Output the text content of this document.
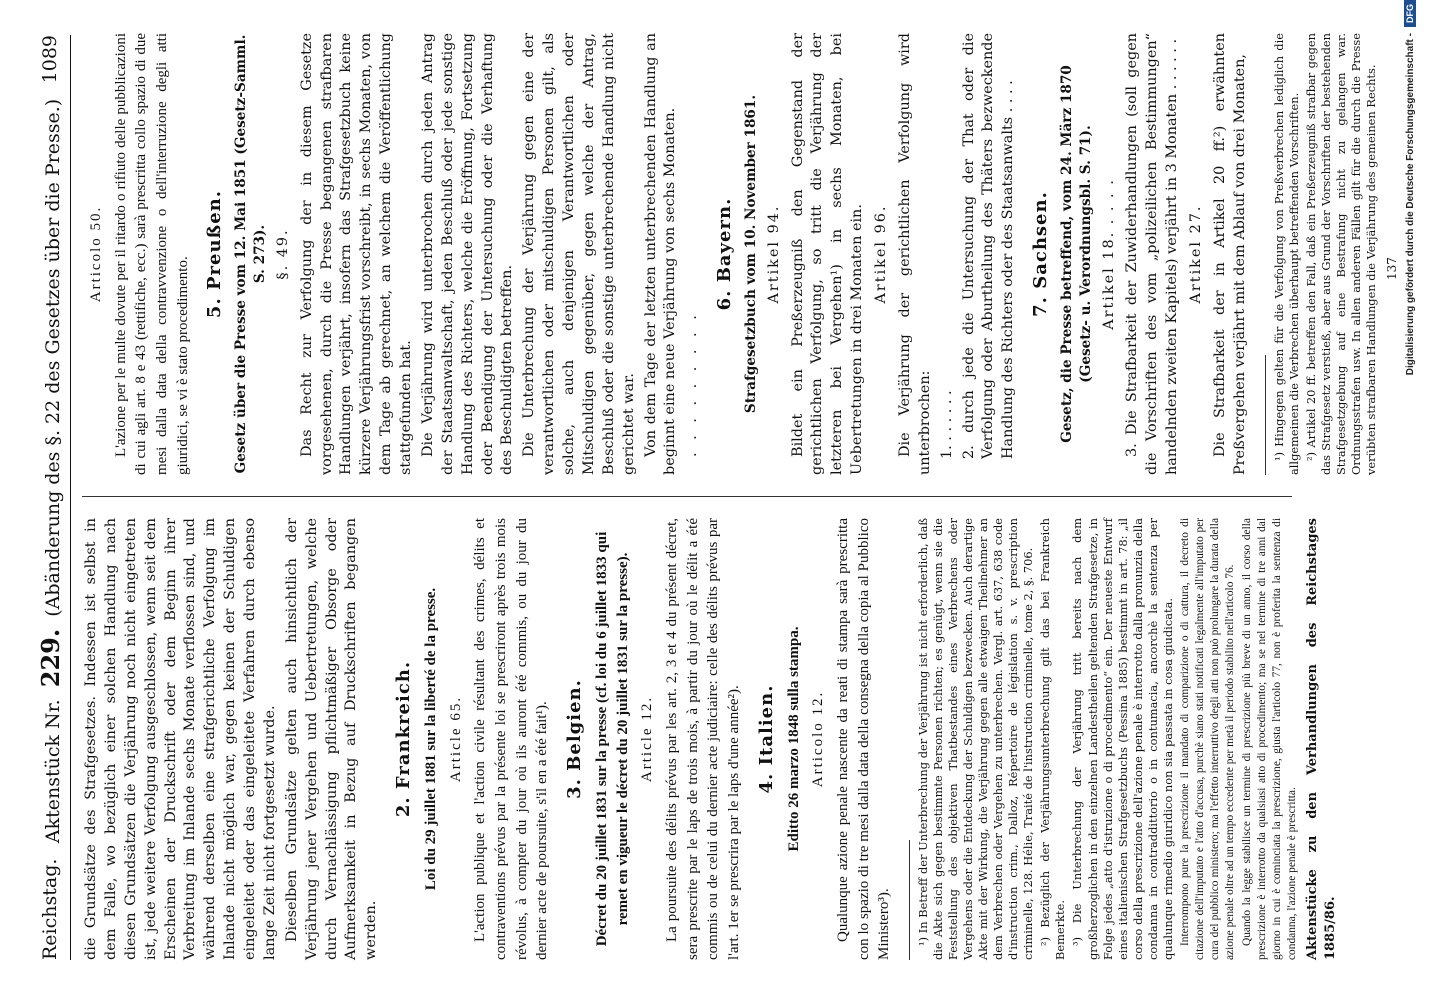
Reichstag.
Aktenstück Nr. 229. (Abänderung des §. 22 des Gesetzes über die Presse.)
1089

die Grundsätze des Strafgesetzes. Indessen ist selbst in dem Falle, wo bezüglich einer solchen Handlung nach diesen Grundsätzen die Verjährung noch nicht eingetreten ist, jede weitere Verfolgung ausgeschlossen, wenn seit dem Erscheinen der Druckschrift oder dem Beginn ihrer Verbreitung im Inlande sechs Monate verflossen sind, und während derselben eine strafgerichtliche Verfolgung im Inlande nicht möglich war, gegen keinen der Schuldigen eingeleitet oder das eingeleitete Verfahren durch ebenso lange Zeit nicht fortgesetzt wurde. Dieselben Grundsätze gelten auch hinsichtlich der Verjährung jener Vergehen und Uebertretungen, welche durch Vernachlässigung pflichtmäßiger Obsorge oder Aufmerksamkeit in Bezug auf Druckschriften begangen werden.

2. Frankreich. Loi du 29 juillet 1881 sur la liberté de la presse. Article 65. L'action publique et l'action civile résultant des crimes, délits et contraventions prévus par la présente loi se prescriront après trois mois révolus, à compter du jour où ils auront été commis, ou du jour du dernier acte de poursuite, s'il en a été fait¹). 3. Belgien. Décret du 20 juillet 1831 sur la presse (cf. loi du 6 juillet 1833 qui remet en vigueur le décret du 20 juillet 1831 sur la presse). Article 12. La poursuite des délits prévus par les art. 2, 3 et 4 du présent décret, sera prescrite par le laps de trois mois, à partir du jour où le délit a été commis ou de celui du dernier acte judiciaire: celle des délits prévus par l'art. 1er se prescrira par le laps d'une année²). 4. Italien. Editto 26 marzo 1848 sulla stampa. Articolo 12. Qualunque azione penale nascente da reati di stampa sarà prescritta con lo spazio di tre mesi dalla data della consegna della copia al Pubblico Ministero³). ¹) In Betreff der Unterbrechung der Verjährung ist nicht erforderlich, daß die Akte sich gegen bestimmte Personen richten; es genügt, wenn sie die Feststellung des objektiven Thatbestandes eines Verbrechens oder Vergehens oder die Entdeckung der Schuldigen bezwecken. Auch derartige Akte mit der Wirkung, die Verjährung gegen alle etwaigen Theilnehmer an dem Verbrechen oder Vergehen zu unterbrechen. Vergl. art. 637, 638 code d'instruction crim., Dalloz, Répertoire de législation s. v. prescription criminelle, 128. Hélie, Traité de l'instruction criminelle, tome 2, §. 706. ²) Bezüglich der Verjährungsunterbrechung gilt das bei Frankreich Bemerkte. ³) Die Unterbrechung der Verjährung tritt bereits nach dem großherzoglichen in den einzelnen Landestheilen geltenden Strafgesetze, in Folge jedes „atto d'istruzione o di procedimento“ ein. Der neueste Entwurf eines italienischen Strafgesetzbuchs (Pessina 1885) bestimmt in art. 78: „il corso della prescrizione dell'azione penale è interrotto dalla pronunzia della condanna in contraddittorio o in contumacia, ancorchè la sentenza per qualunque rimedio giuridico non sia passata in cosa giudicata. Interrompono pure la prescrizione il mandato di comparizione o di cattura, il decreto di citazione dell'imputato e l'atto d'accusa, purchè siano stati notificati legalmente all'imputato per cura del pubblico ministero; ma l'effetto interruttivo degli atti non può prolungare la durata della azione penale oltre ad un tempo eccedente per metà il periodo stabilito nell'articolo 76. Quando la legge stabilisce un termine di prescrizione più breve di un anno, il corso della prescrizione è interrotto da qualsiasi atto di procedimento; ma se nel termine di tre anni dal giorno in cui è cominciata la prescrizione, giusta l'articolo 77, non è proferita la sentenza di condanna, l'azione penale è prescritta. Aktenstücke zu den Verhandlungen des Reichstages 1885/86.

Articolo 50. L'azione per le multe dovute per il ritardo o rifiuto delle pubblicazioni di cui agli art. 8 e 43 (rettifiche, ecc.) sarà prescritta collo spazio di due mesi dalla data della contravvenzione o dell'interruzione degli atti giuridici, se vi è stato procedimento.

5. Preußen. Gesetz über die Presse vom 12. Mai 1851 (Gesetz-Samml. S. 273). §. 49. Das Recht zur Verfolgung der in diesem Gesetze vorgesehenen, durch die Presse begangenen strafbaren Handlungen verjährt, insofern das Strafgesetzbuch keine kürzere Verjährungsfrist vorschreibt, in sechs Monaten, von dem Tage ab gerechnet, an welchem die Veröffentlichung stattgefunden hat. Die Verjährung wird unterbrochen durch jeden Antrag der Staatsanwaltschaft, jeden Beschluß oder jede sonstige Handlung des Richters, welche die Eröffnung, Fortsetzung oder Beendigung der Untersuchung oder die Verhaftung des Beschuldigten betreffen. Die Unterbrechung der Verjährung gegen eine der verantwortlichen oder mitschuldigen Personen gilt, als solche, auch denjenigen Verantwortlichen oder Mitschuldigen gegenüber, gegen welche der Antrag, Beschluß oder die sonstige unterbrechende Handlung nicht gerichtet war. Von dem Tage der letzten unterbrechenden Handlung an beginnt eine neue Verjährung von sechs Monaten. . . . . . . . . .

6. Bayern. Strafgesetzbuch vom 10. November 1861. Artikel 94. Bildet ein Preßerzeugniß den Gegenstand der gerichtlichen Verfolgung, so tritt die Verjährung der letzteren bei Vergehen¹) in sechs Monaten, bei Uebertretungen in drei Monaten ein. Artikel 96. Die Verjährung der gerichtlichen Verfolgung wird unterbrochen: 1. . . . . . . 2. durch jede die Untersuchung der That oder die Verfolgung oder Aburtheilung des Thäters bezweckende Handlung des Richters oder des Staatsanwalts . . . . 7. Sachsen. Gesetz, die Presse betreffend, vom 24. März 1870 (Gesetz- u. Verordnungsbl. S. 71). Artikel 18. . . . . 3. Die Strafbarkeit der Zuwiderhandlungen (soll gegen die Vorschriften des vom „polizeilichen Bestimmungen“ handelnden zweiten Kapitels) verjährt in 3 Monaten . . . . . . Artikel 27. Die Strafbarkeit der in Artikel 20 ff.²) erwähnten Preßvergehen verjährt mit dem Ablauf von drei Monaten, ¹) Hingegen gelten für die Verfolgung von Preßverbrechen lediglich die allgemeinen die Verbrechen überhaupt betreffenden Vorschriften. ²) Artikel 20 ff. betreffen den Fall, daß ein Preßerzeugniß strafbar gegen das Strafgesetz verstieß, aber aus Grund der Vorschriften der bestehenden Strafgesetzgebung auf eine Bestrafung nicht zu gelangen war. Ordnungsstrafen usw. In allen anderen Fällen gilt für die durch die Presse verübten strafbaren Handlungen die Verjährung des gemeinen Rechts. 137 Digitalisierung gefördert durch die Deutsche Forschungsgemeinschaft -
DFG
